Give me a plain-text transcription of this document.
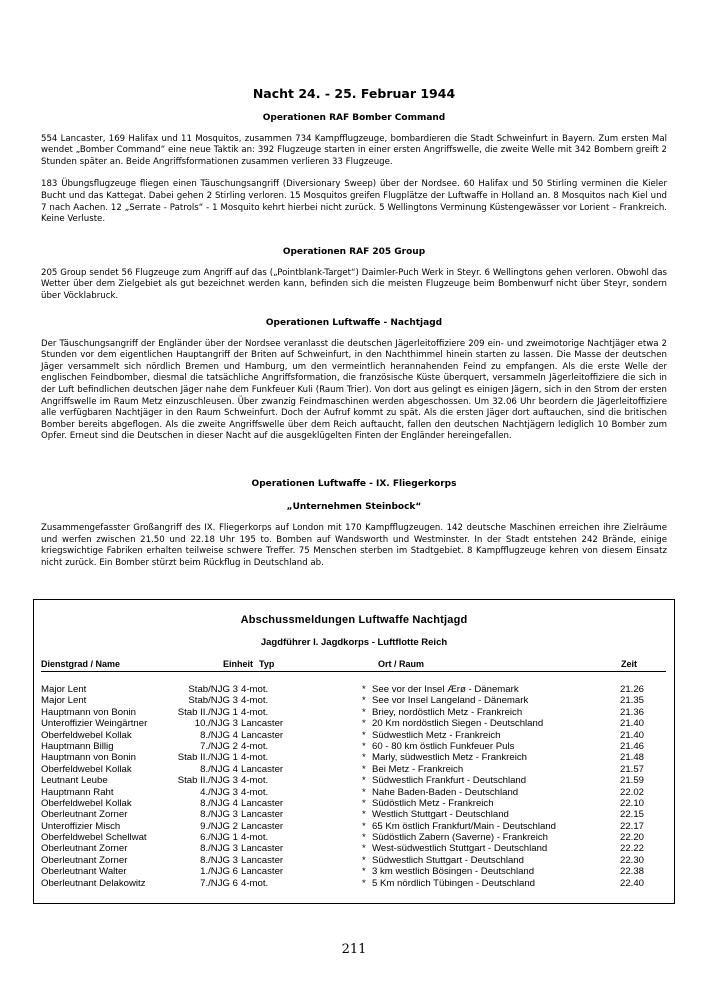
Nacht 24. - 25. Februar 1944
Operationen RAF Bomber Command

554 Lancaster, 169 Halifax und 11 Mosquitos, zusammen 734 Kampfflugzeuge, bombardieren die Stadt Schweinfurt in Bayern. Zum ersten Mal wendet „Bomber Command“ eine neue Taktik an: 392 Flugzeuge starten in einer ersten Angriffswelle, die zweite Welle mit 342 Bombern greift 2 Stunden später an. Beide Angriffsformationen zusammen verlieren 33 Flugzeuge.

183 Übungsflugzeuge fliegen einen Täuschungsangriff (Diversionary Sweep) über der Nordsee. 60 Halifax und 50 Stirling verminen die Kieler Bucht und das Kattegat. Dabei gehen 2 Stirling verloren. 15 Mosquitos greifen Flugplätze der Luftwaffe in Holland an. 8 Mosquitos nach Kiel und 7 nach Aachen. 12 „Serrate - Patrols“ - 1 Mosquito kehrt hierbei nicht zurück. 5 Wellingtons Verminung Küstengewässer vor Lorient – Frankreich. Keine Verluste.

Operationen RAF 205 Group

205 Group sendet 56 Flugzeuge zum Angriff auf das („Pointblank-Target“) Daimler-Puch Werk in Steyr. 6 Wellingtons gehen verloren. Obwohl das Wetter über dem Zielgebiet als gut bezeichnet werden kann, befinden sich die meisten Flugzeuge beim Bombenwurf nicht über Steyr, sondern über Vöcklabruck.

Operationen Luftwaffe - Nachtjagd

Der Täuschungsangriff der Engländer über der Nordsee veranlasst die deutschen Jägerleitoffiziere 209 ein- und zweimotorige Nachtjäger etwa 2 Stunden vor dem eigentlichen Hauptangriff der Briten auf Schweinfurt, in den Nachthimmel hinein starten zu lassen. Die Masse der deutschen Jäger versammelt sich nördlich Bremen und Hamburg, um den vermeintlich herannahenden Feind zu empfangen. Als die erste Welle der englischen Feindbomber, diesmal die tatsächliche Angriffsformation, die französische Küste überquert, versammeln Jägerleitoffiziere die sich in der Luft befindlichen deutschen Jäger nahe dem Funkfeuer Kuli (Raum Trier). Von dort aus gelingt es einigen Jägern, sich in den Strom der ersten Angriffswelle im Raum Metz einzuschleusen. Über zwanzig Feindmaschinen werden abgeschossen. Um 32.06 Uhr beordern die Jägerleitoffiziere alle verfügbaren Nachtjäger in den Raum Schweinfurt. Doch der Aufruf kommt zu spät. Als die ersten Jäger dort auftauchen, sind die britischen Bomber bereits abgeflogen. Als die zweite Angriffswelle über dem Reich auftaucht, fallen den deutschen Nachtjägern lediglich 10 Bomber zum Opfer. Erneut sind die Deutschen in dieser Nacht auf die ausgeklügelten Finten der Engländer hereingefallen.

Operationen Luftwaffe - IX. Fliegerkorps
„Unternehmen Steinbock“

Zusammengefasster Großangriff des IX. Fliegerkorps auf London mit 170 Kampfflugzeugen. 142 deutsche Maschinen erreichen ihre Zielräume und werfen zwischen 21.50 und 22.18 Uhr 195 to. Bomben auf Wandsworth und Westminster. In der Stadt entstehen 242 Brände, einige kriegswichtige Fabriken erhalten teilweise schwere Treffer. 75 Menschen sterben im Stadtgebiet. 8 Kampfflugzeuge kehren von diesem Einsatz nicht zurück. Ein Bomber stürzt beim Rückflug in Deutschland ab.

Abschussmeldungen Luftwaffe Nachtjagd
Jagdführer I. Jagdkorps - Luftflotte Reich
Dienstgrad / Name	Einheit Typ	Ort / Raum	Zeit
Major Lent	Stab/NJG 3 4-mot.	* See vor der Insel Ærø - Dänemark	21.26
Major Lent	Stab/NJG 3 4-mot.	* See vor Insel Langeland - Dänemark	21.35
Hauptmann von Bonin	Stab II./NJG 1 4-mot.	* Briey, nordöstlich Metz - Frankreich	21.36
Unteroffizier Weingärtner	10./NJG 3 Lancaster	* 20 Km nordöstlich Siegen - Deutschland	21.40
Oberfeldwebel Kollak	8./NJG 4 Lancaster	* Südwestlich Metz - Frankreich	21.40
Hauptmann Billig	7./NJG 2 4-mot.	* 60 - 80 km östlich Funkfeuer Puls	21.46
Hauptmann von Bonin	Stab II./NJG 1 4-mot.	* Marly, südwestlich Metz - Frankreich	21.48
Oberfeldwebel Kollak	8./NJG 4 Lancaster	* Bei Metz - Frankreich	21.57
Leutnant Leube	Stab II./NJG 3 4-mot.	* Südwestlich Frankfurt - Deutschland	21.59
Hauptmann Raht	4./NJG 3 4-mot.	* Nahe Baden-Baden - Deutschland	22.02
Oberfeldwebel Kollak	8./NJG 4 Lancaster	* Südöstlich Metz - Frankreich	22.10
Oberleutnant Zorner	8./NJG 3 Lancaster	* Westlich Stuttgart - Deutschland	22.15
Unteroffizier Misch	9./NJG 2 Lancaster	* 65 Km östlich Frankfurt/Main - Deutschland	22.17
Oberfeldwebel Schellwat	6./NJG 1 4-mot.	* Südöstlich Zabern (Saverne) - Frankreich	22.20
Oberleutnant Zorner	8./NJG 3 Lancaster	* West-südwestlich Stuttgart - Deutschland	22.22
Oberleutnant Zorner	8./NJG 3 Lancaster	* Südwestlich Stuttgart - Deutschland	22.30
Oberleutnant Walter	1./NJG 6 Lancaster	* 3 km westlich Bösingen - Deutschland	22.38
Oberleutnant Delakowitz	7./NJG 6 4-mot.	* 5 Km nördlich Tübingen - Deutschland	22.40
211
